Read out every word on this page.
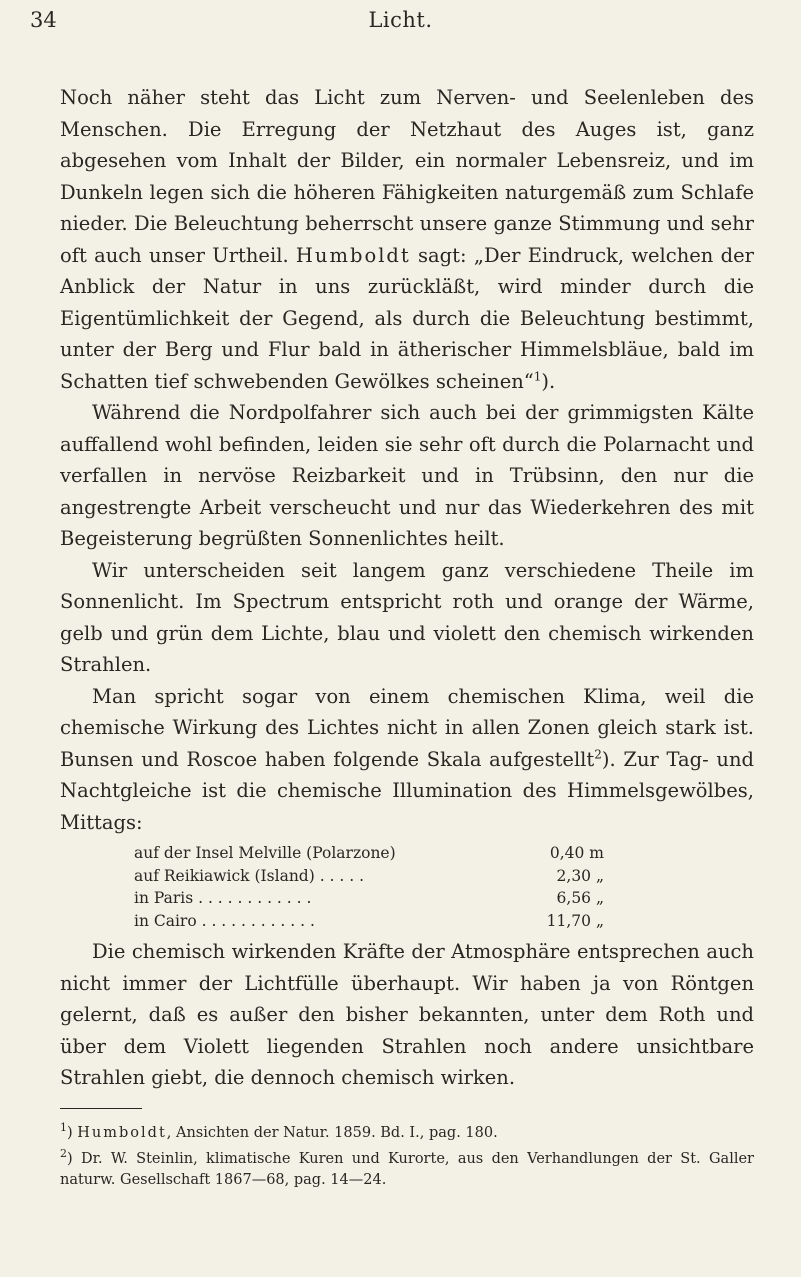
34	Licht.

Noch näher steht das Licht zum Nerven- und Seelenleben des Menschen. Die Erregung der Netzhaut des Auges ist, ganz abgesehen vom Inhalt der Bilder, ein normaler Lebensreiz, und im Dunkeln legen sich die höheren Fähigkeiten naturgemäß zum Schlafe nieder. Die Beleuchtung beherrscht unsere ganze Stimmung und sehr oft auch unser Urtheil. Humboldt sagt: „Der Eindruck, welchen der Anblick der Natur in uns zurückläßt, wird minder durch die Eigentümlichkeit der Gegend, als durch die Beleuchtung bestimmt, unter der Berg und Flur bald in ätherischer Himmelsbläue, bald im Schatten tief schwebenden Gewölkes scheinen“$^1$).

Während die Nordpolfahrer sich auch bei der grimmigsten Kälte auffallend wohl befinden, leiden sie sehr oft durch die Polarnacht und verfallen in nervöse Reizbarkeit und in Trübsinn, den nur die angestrengte Arbeit verscheucht und nur das Wiederkehren des mit Begeisterung begrüßten Sonnenlichtes heilt.

Wir unterscheiden seit langem ganz verschiedene Theile im Sonnenlicht. Im Spectrum entspricht roth und orange der Wärme, gelb und grün dem Lichte, blau und violett den chemisch wirkenden Strahlen.

Man spricht sogar von einem chemischen Klima, weil die chemische Wirkung des Lichtes nicht in allen Zonen gleich stark ist. Bunsen und Roscoe haben folgende Skala aufgestellt$^2$). Zur Tag- und Nachtgleiche ist die chemische Illumination des Himmelsgewölbes, Mittags:

auf der Insel Melville (Polarzone)	0,40 m
auf Reikiawick (Island) . . . . .	2,30 „
in Paris . . . . . . . . . . . .	6,56 „
in Cairo . . . . . . . . . . . .	11,70 „

Die chemisch wirkenden Kräfte der Atmosphäre entsprechen auch nicht immer der Lichtfülle überhaupt. Wir haben ja von Röntgen gelernt, daß es außer den bisher bekannten, unter dem Roth und über dem Violett liegenden Strahlen noch andere unsichtbare Strahlen giebt, die dennoch chemisch wirken.

$^1$) Humboldt, Ansichten der Natur. 1859. Bd. I., pag. 180.

$^2$) Dr. W. Steinlin, klimatische Kuren und Kurorte, aus den Verhandlungen der St. Galler naturw. Gesellschaft 1867—68, pag. 14—24.
